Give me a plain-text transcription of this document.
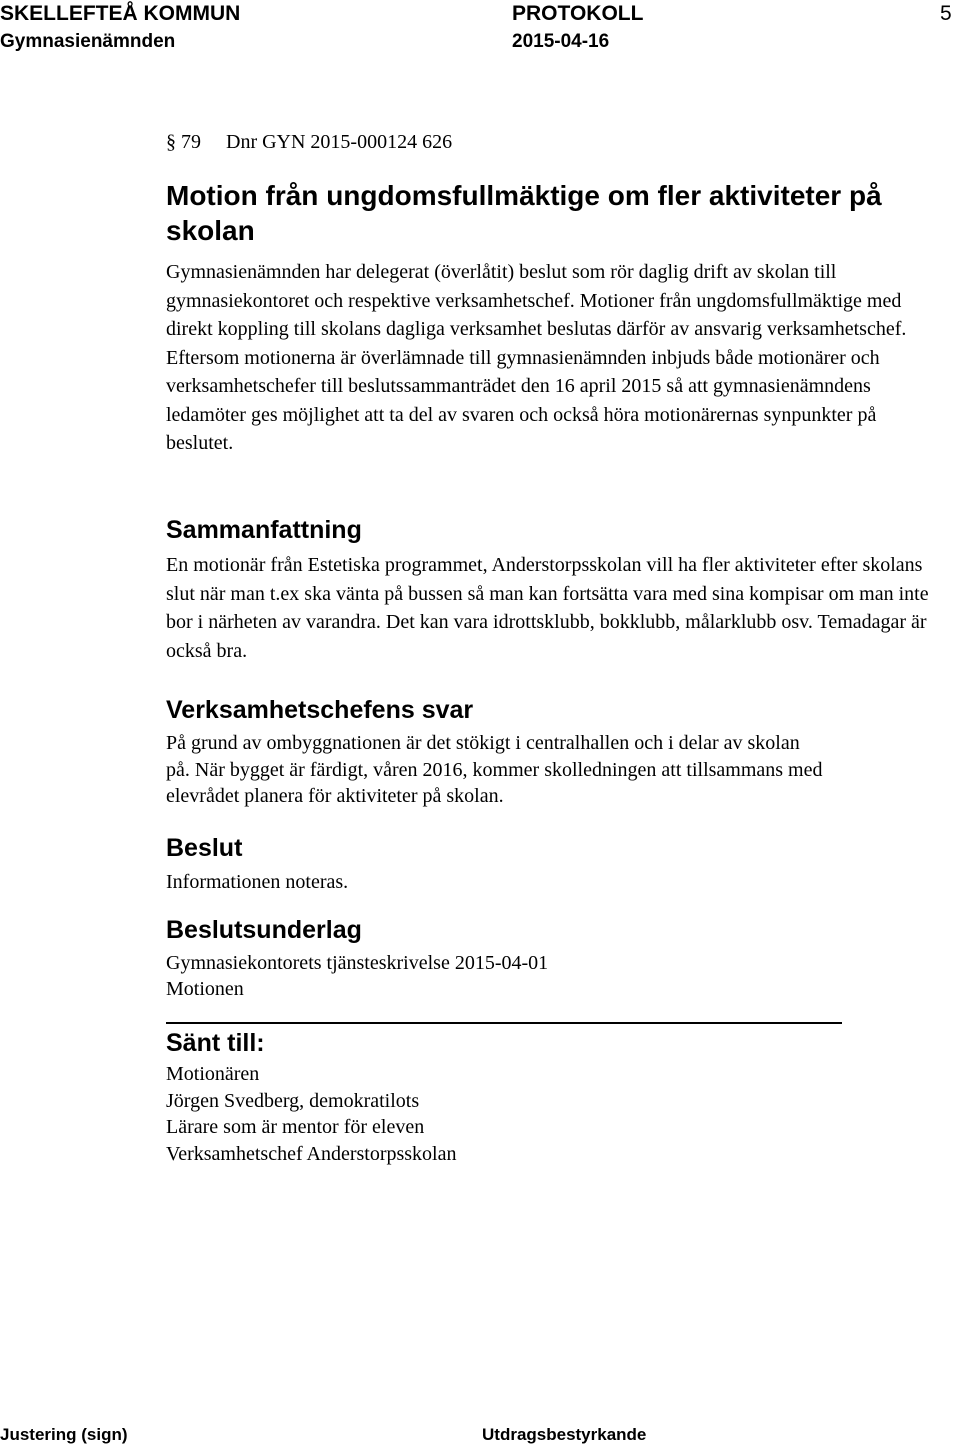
SKELLEFTEÅ KOMMUN	PROTOKOLL	5
Gymnasienämnden	2015-04-16
§ 79 Dnr GYN 2015-000124 626
Motion från ungdomsfullmäktige om fler aktiviteter på skolan

Gymnasienämnden har delegerat (överlåtit) beslut som rör daglig drift av skolan till gymnasiekontoret och respektive verksamhetschef. Motioner från ungdomsfullmäktige med direkt koppling till skolans dagliga verksamhet beslutas därför av ansvarig verksamhetschef. Eftersom motionerna är överlämnade till gymnasienämnden inbjuds både motionärer och verksamhetschefer till beslutssammanträdet den 16 april 2015 så att gymnasienämndens ledamöter ges möjlighet att ta del av svaren och också höra motionärernas synpunkter på beslutet.

Sammanfattning

En motionär från Estetiska programmet, Anderstorpsskolan vill ha fler aktiviteter efter skolans slut när man t.ex ska vänta på bussen så man kan fortsätta vara med sina kompisar om man inte bor i närheten av varandra. Det kan vara idrottsklubb, bokklubb, målarklubb osv. Temadagar är också bra.

Verksamhetschefens svar

På grund av ombyggnationen är det stökigt i centralhallen och i delar av skolan på. När bygget är färdigt, våren 2016, kommer skolledningen att tillsammans med elevrådet planera för aktiviteter på skolan.

Beslut

Informationen noteras.

Beslutsunderlag
Gymnasiekontorets tjänsteskrivelse 2015-04-01
Motionen
Sänt till:
Motionären
Jörgen Svedberg, demokratilots
Lärare som är mentor för eleven
Verksamhetschef Anderstorpsskolan
Justering (sign)	Utdragsbestyrkande
